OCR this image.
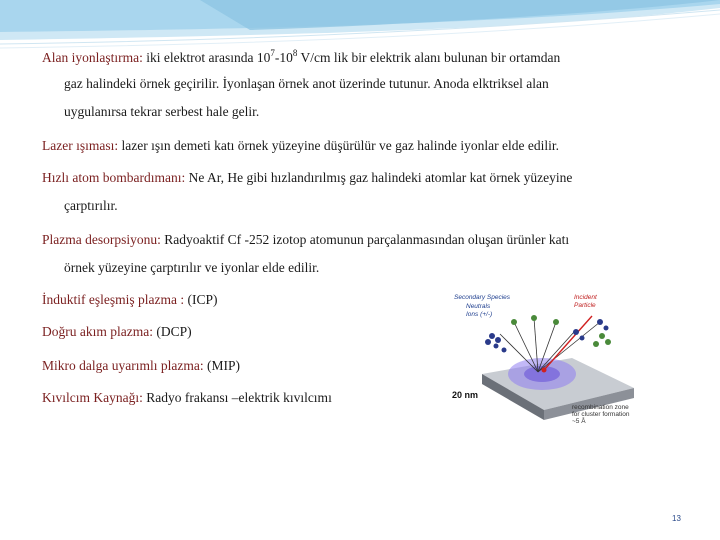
Alan iyonlaştırma: iki elektrot arasında $10^7-10^8$ V/cm lik bir elektrik alanı bulunan bir ortamdan
gaz halindeki örnek geçirilir. İyonlaşan örnek anot üzerinde tutunur. Anoda elktriksel alan
uygulanırsa tekrar serbest hale gelir.
Lazer ışıması: lazer ışın demeti katı örnek yüzeyine düşürülür ve gaz halinde iyonlar elde edilir.
Hızlı atom bombardımanı: Ne Ar, He gibi hızlandırılmış gaz halindeki atomlar kat örnek yüzeyine
çarptırılır.
Plazma desorpsiyonu: Radyoaktif Cf -252 izotop atomunun parçalanmasından oluşan ürünler katı
örnek yüzeyine çarptırılır ve iyonlar elde edilir.
İnduktif eşleşmiş plazma : (ICP)
Doğru akım plazma: (DCP)
Mikro dalga uyarımlı plazma: (MIP)
Kıvılcım Kaynağı: Radyo frakansı –elektrik kıvılcımı
Secondary Species
Neutrals
Ions (+/-)
Incident
Particle
20 nm
recombination zone
for cluster formation
~5 Å
13
